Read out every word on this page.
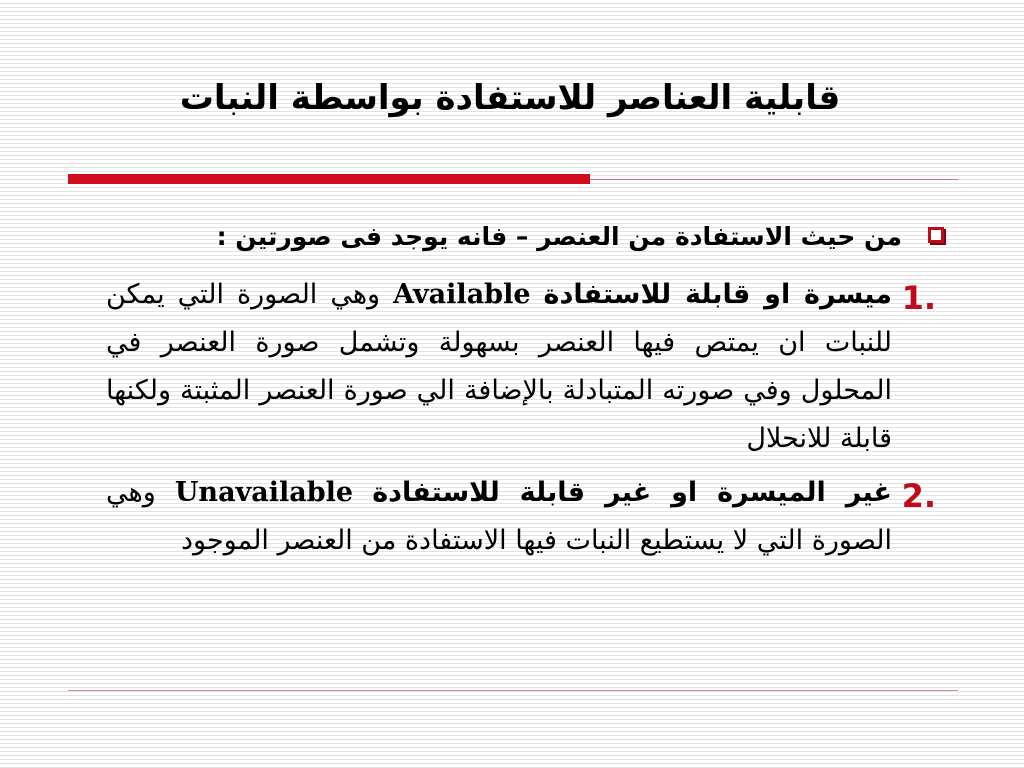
قابلية العناصر للاستفادة بواسطة النبات
من حيث الاستفادة من العنصر – فانه يوجد فى صورتين :
1.
ميسرة او قابلة للاستفادة Available وهي الصورة التي يمكن للنبات ان يمتص فيها العنصر بسهولة وتشمل صورة العنصر في المحلول وفي صورته المتبادلة بالإضافة الي صورة العنصر المثبتة ولكنها قابلة للانحلال
2.
غير الميسرة او غير قابلة للاستفادة Unavailable وهي الصورة التي لا يستطيع النبات فيها الاستفادة من العنصر الموجود
